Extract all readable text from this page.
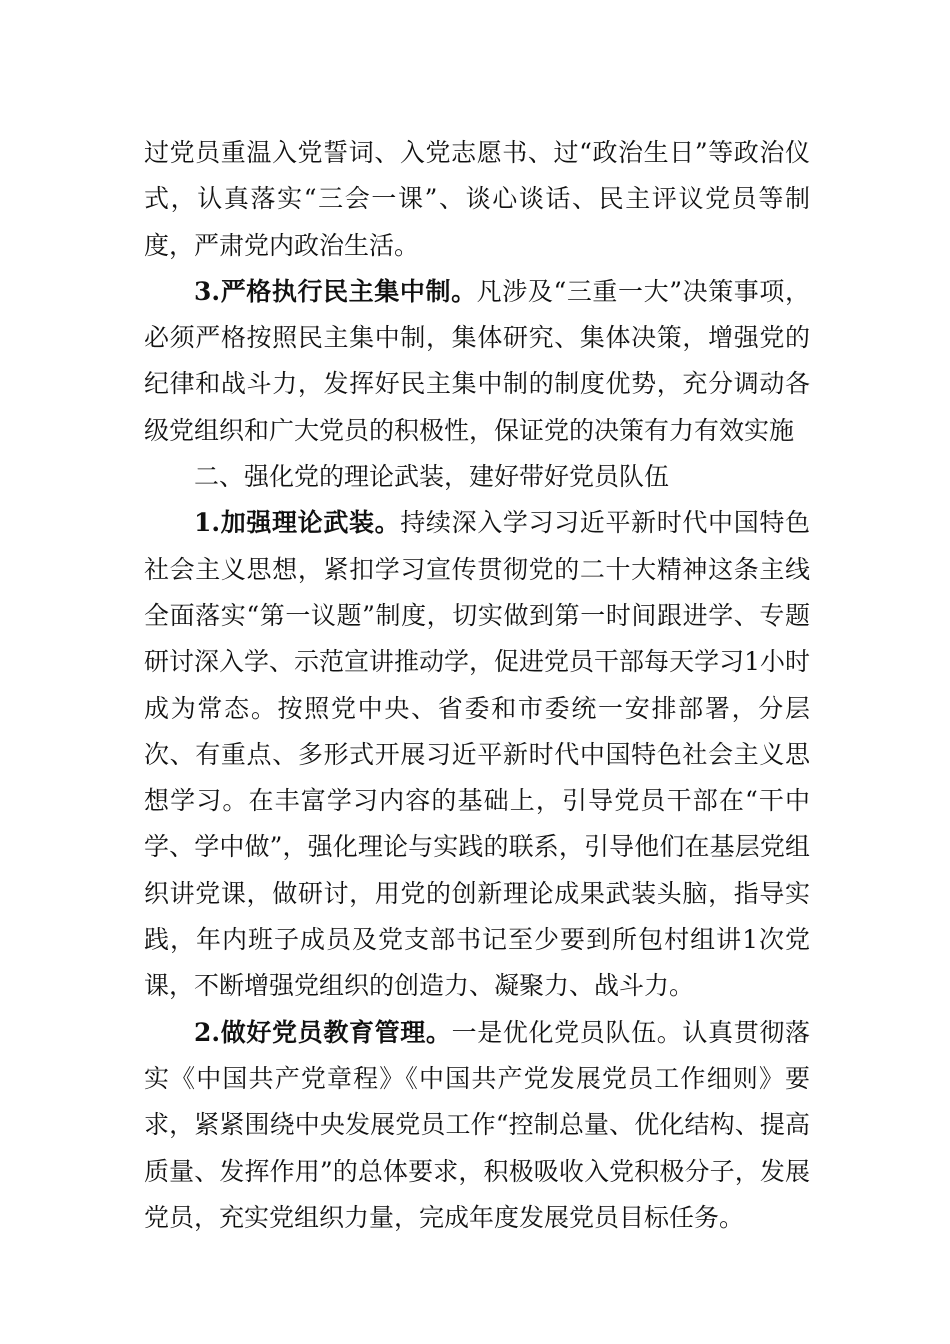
过党员重温入党誓词、入党志愿书、过“政治生日”等政治仪式，认真落实“三会一课”、谈心谈话、民主评议党员等制度，严肃党内政治生活。

3.严格执行民主集中制。凡涉及“三重一大”决策事项，必须严格按照民主集中制，集体研究、集体决策，增强党的纪律和战斗力，发挥好民主集中制的制度优势，充分调动各级党组织和广大党员的积极性，保证党的决策有力有效实施

二、强化党的理论武装，建好带好党员队伍

1.加强理论武装。持续深入学习习近平新时代中国特色社会主义思想，紧扣学习宣传贯彻党的二十大精神这条主线全面落实“第一议题”制度，切实做到第一时间跟进学、专题研讨深入学、示范宣讲推动学，促进党员干部每天学习1小时成为常态。按照党中央、省委和市委统一安排部署，分层次、有重点、多形式开展习近平新时代中国特色社会主义思想学习。在丰富学习内容的基础上，引导党员干部在“干中学、学中做”，强化理论与实践的联系，引导他们在基层党组织讲党课，做研讨，用党的创新理论成果武装头脑，指导实践，年内班子成员及党支部书记至少要到所包村组讲1次党课，不断增强党组织的创造力、凝聚力、战斗力。

2.做好党员教育管理。一是优化党员队伍。认真贯彻落实《中国共产党章程》《中国共产党发展党员工作细则》要求，紧紧围绕中央发展党员工作“控制总量、优化结构、提高质量、发挥作用”的总体要求，积极吸收入党积极分子，发展党员，充实党组织力量，完成年度发展党员目标任务。
